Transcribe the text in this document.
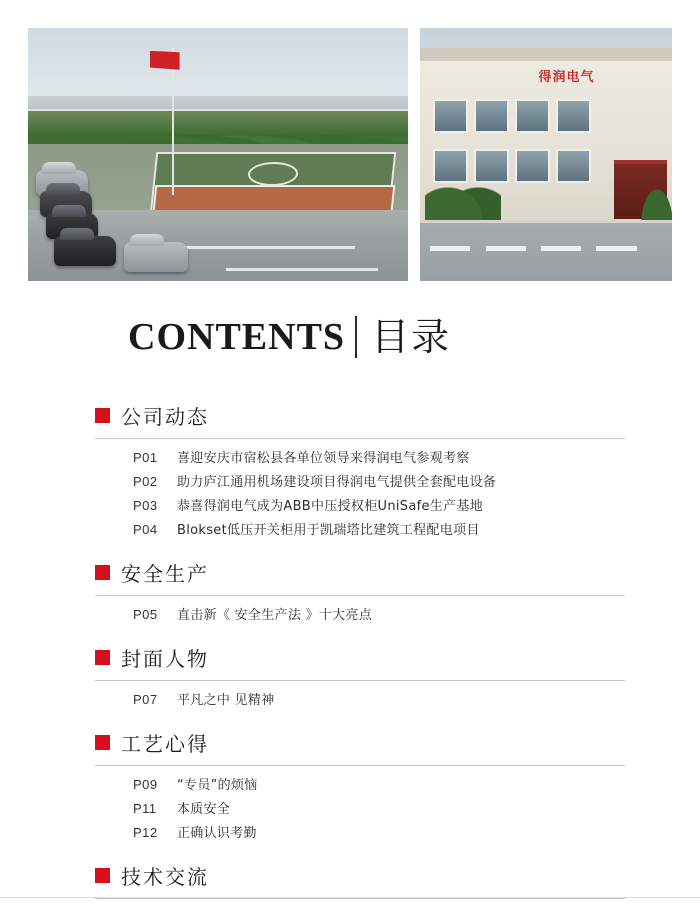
得润电气
CONTENTS 目录
公司动态
P01	喜迎安庆市宿松县各单位领导来得润电气参观考察
P02	助力庐江通用机场建设项目得润电气提供全套配电设备
P03	恭喜得润电气成为ABB中压授权柜UniSafe生产基地
P04	Blokset低压开关柜用于凯瑞塔比建筑工程配电项目
安全生产
P05	直击新《 安全生产法 》十大亮点
封面人物
P07	平凡之中 见精神
工艺心得
P09	“专员”的烦恼
P11	本质安全
P12	正确认识考勤
技术交流
